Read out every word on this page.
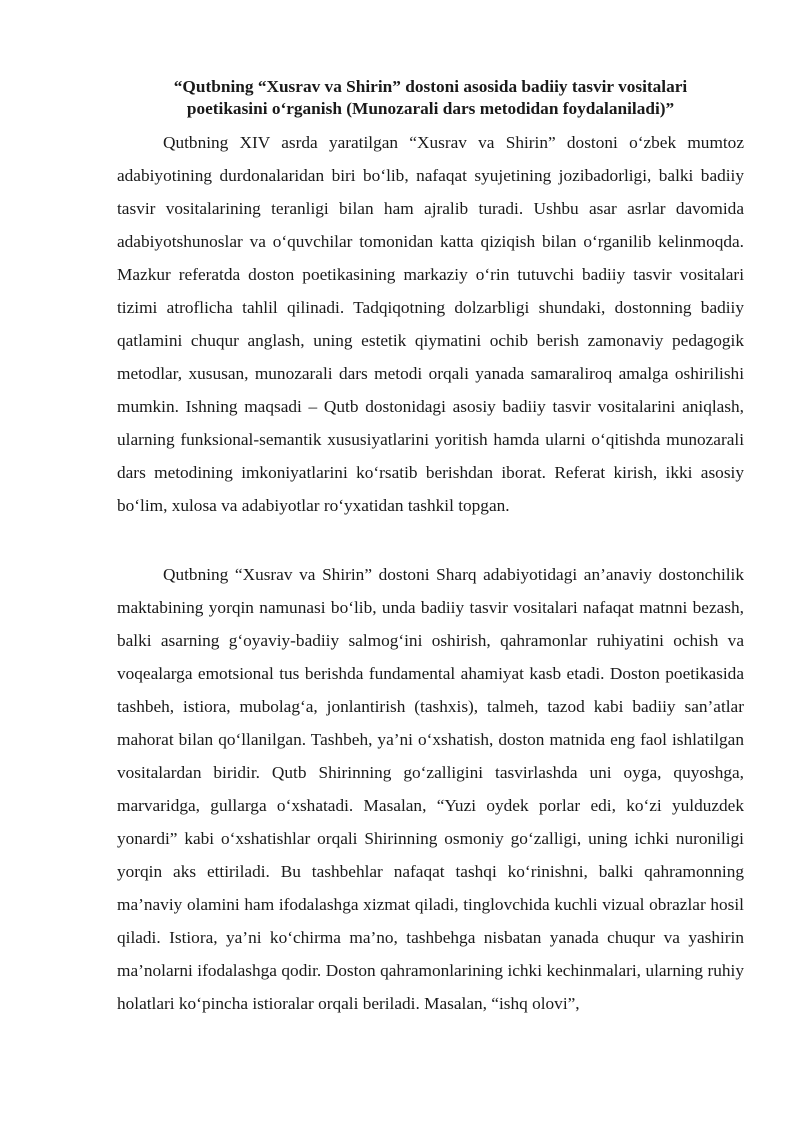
“Qutbning “Xusrav va Shirin” dostoni asosida badiiy tasvir vositalari
poetikasini o‘rganish (Munozarali dars metodidan foydalaniladi)”

Qutbning XIV asrda yaratilgan “Xusrav va Shirin” dostoni o‘zbek mumtoz adabiyotining durdonalaridan biri bo‘lib, nafaqat syujetining jozibadorligi, balki badiiy tasvir vositalarining teranligi bilan ham ajralib turadi. Ushbu asar asrlar davomida adabiyotshunoslar va o‘quvchilar tomonidan katta qiziqish bilan o‘rganilib kelinmoqda. Mazkur referatda doston poetikasining markaziy o‘rin tutuvchi badiiy tasvir vositalari tizimi atroflicha tahlil qilinadi. Tadqiqotning dolzarbligi shundaki, dostonning badiiy qatlamini chuqur anglash, uning estetik qiymatini ochib berish zamonaviy pedagogik metodlar, xususan, munozarali dars metodi orqali yanada samaraliroq amalga oshirilishi mumkin. Ishning maqsadi – Qutb dostonidagi asosiy badiiy tasvir vositalarini aniqlash, ularning funksional-semantik xususiyatlarini yoritish hamda ularni o‘qitishda munozarali dars metodining imkoniyatlarini ko‘rsatib berishdan iborat. Referat kirish, ikki asosiy bo‘lim, xulosa va adabiyotlar ro‘yxatidan tashkil topgan.

Qutbning “Xusrav va Shirin” dostoni Sharq adabiyotidagi an’anaviy dostonchilik maktabining yorqin namunasi bo‘lib, unda badiiy tasvir vositalari nafaqat matnni bezash, balki asarning g‘oyaviy-badiiy salmog‘ini oshirish, qahramonlar ruhiyatini ochish va voqealarga emotsional tus berishda fundamental ahamiyat kasb etadi. Doston poetikasida tashbeh, istiora, mubolag‘a, jonlantirish (tashxis), talmeh, tazod kabi badiiy san’atlar mahorat bilan qo‘llanilgan. Tashbeh, ya’ni o‘xshatish, doston matnida eng faol ishlatilgan vositalardan biridir. Qutb Shirinning go‘zalligini tasvirlashda uni oyga, quyoshga, marvaridga, gullarga o‘xshatadi. Masalan, “Yuzi oydek porlar edi, ko‘zi yulduzdek yonardi” kabi o‘xshatishlar orqali Shirinning osmoniy go‘zalligi, uning ichki nuroniligi yorqin aks ettiriladi. Bu tashbehlar nafaqat tashqi ko‘rinishni, balki qahramonning ma’naviy olamini ham ifodalashga xizmat qiladi, tinglovchida kuchli vizual obrazlar hosil qiladi. Istiora, ya’ni ko‘chirma ma’no, tashbehga nisbatan yanada chuqur va yashirin ma’nolarni ifodalashga qodir. Doston qahramonlarining ichki kechinmalari, ularning ruhiy holatlari ko‘pincha istioralar orqali beriladi. Masalan, “ishq olovi”,
